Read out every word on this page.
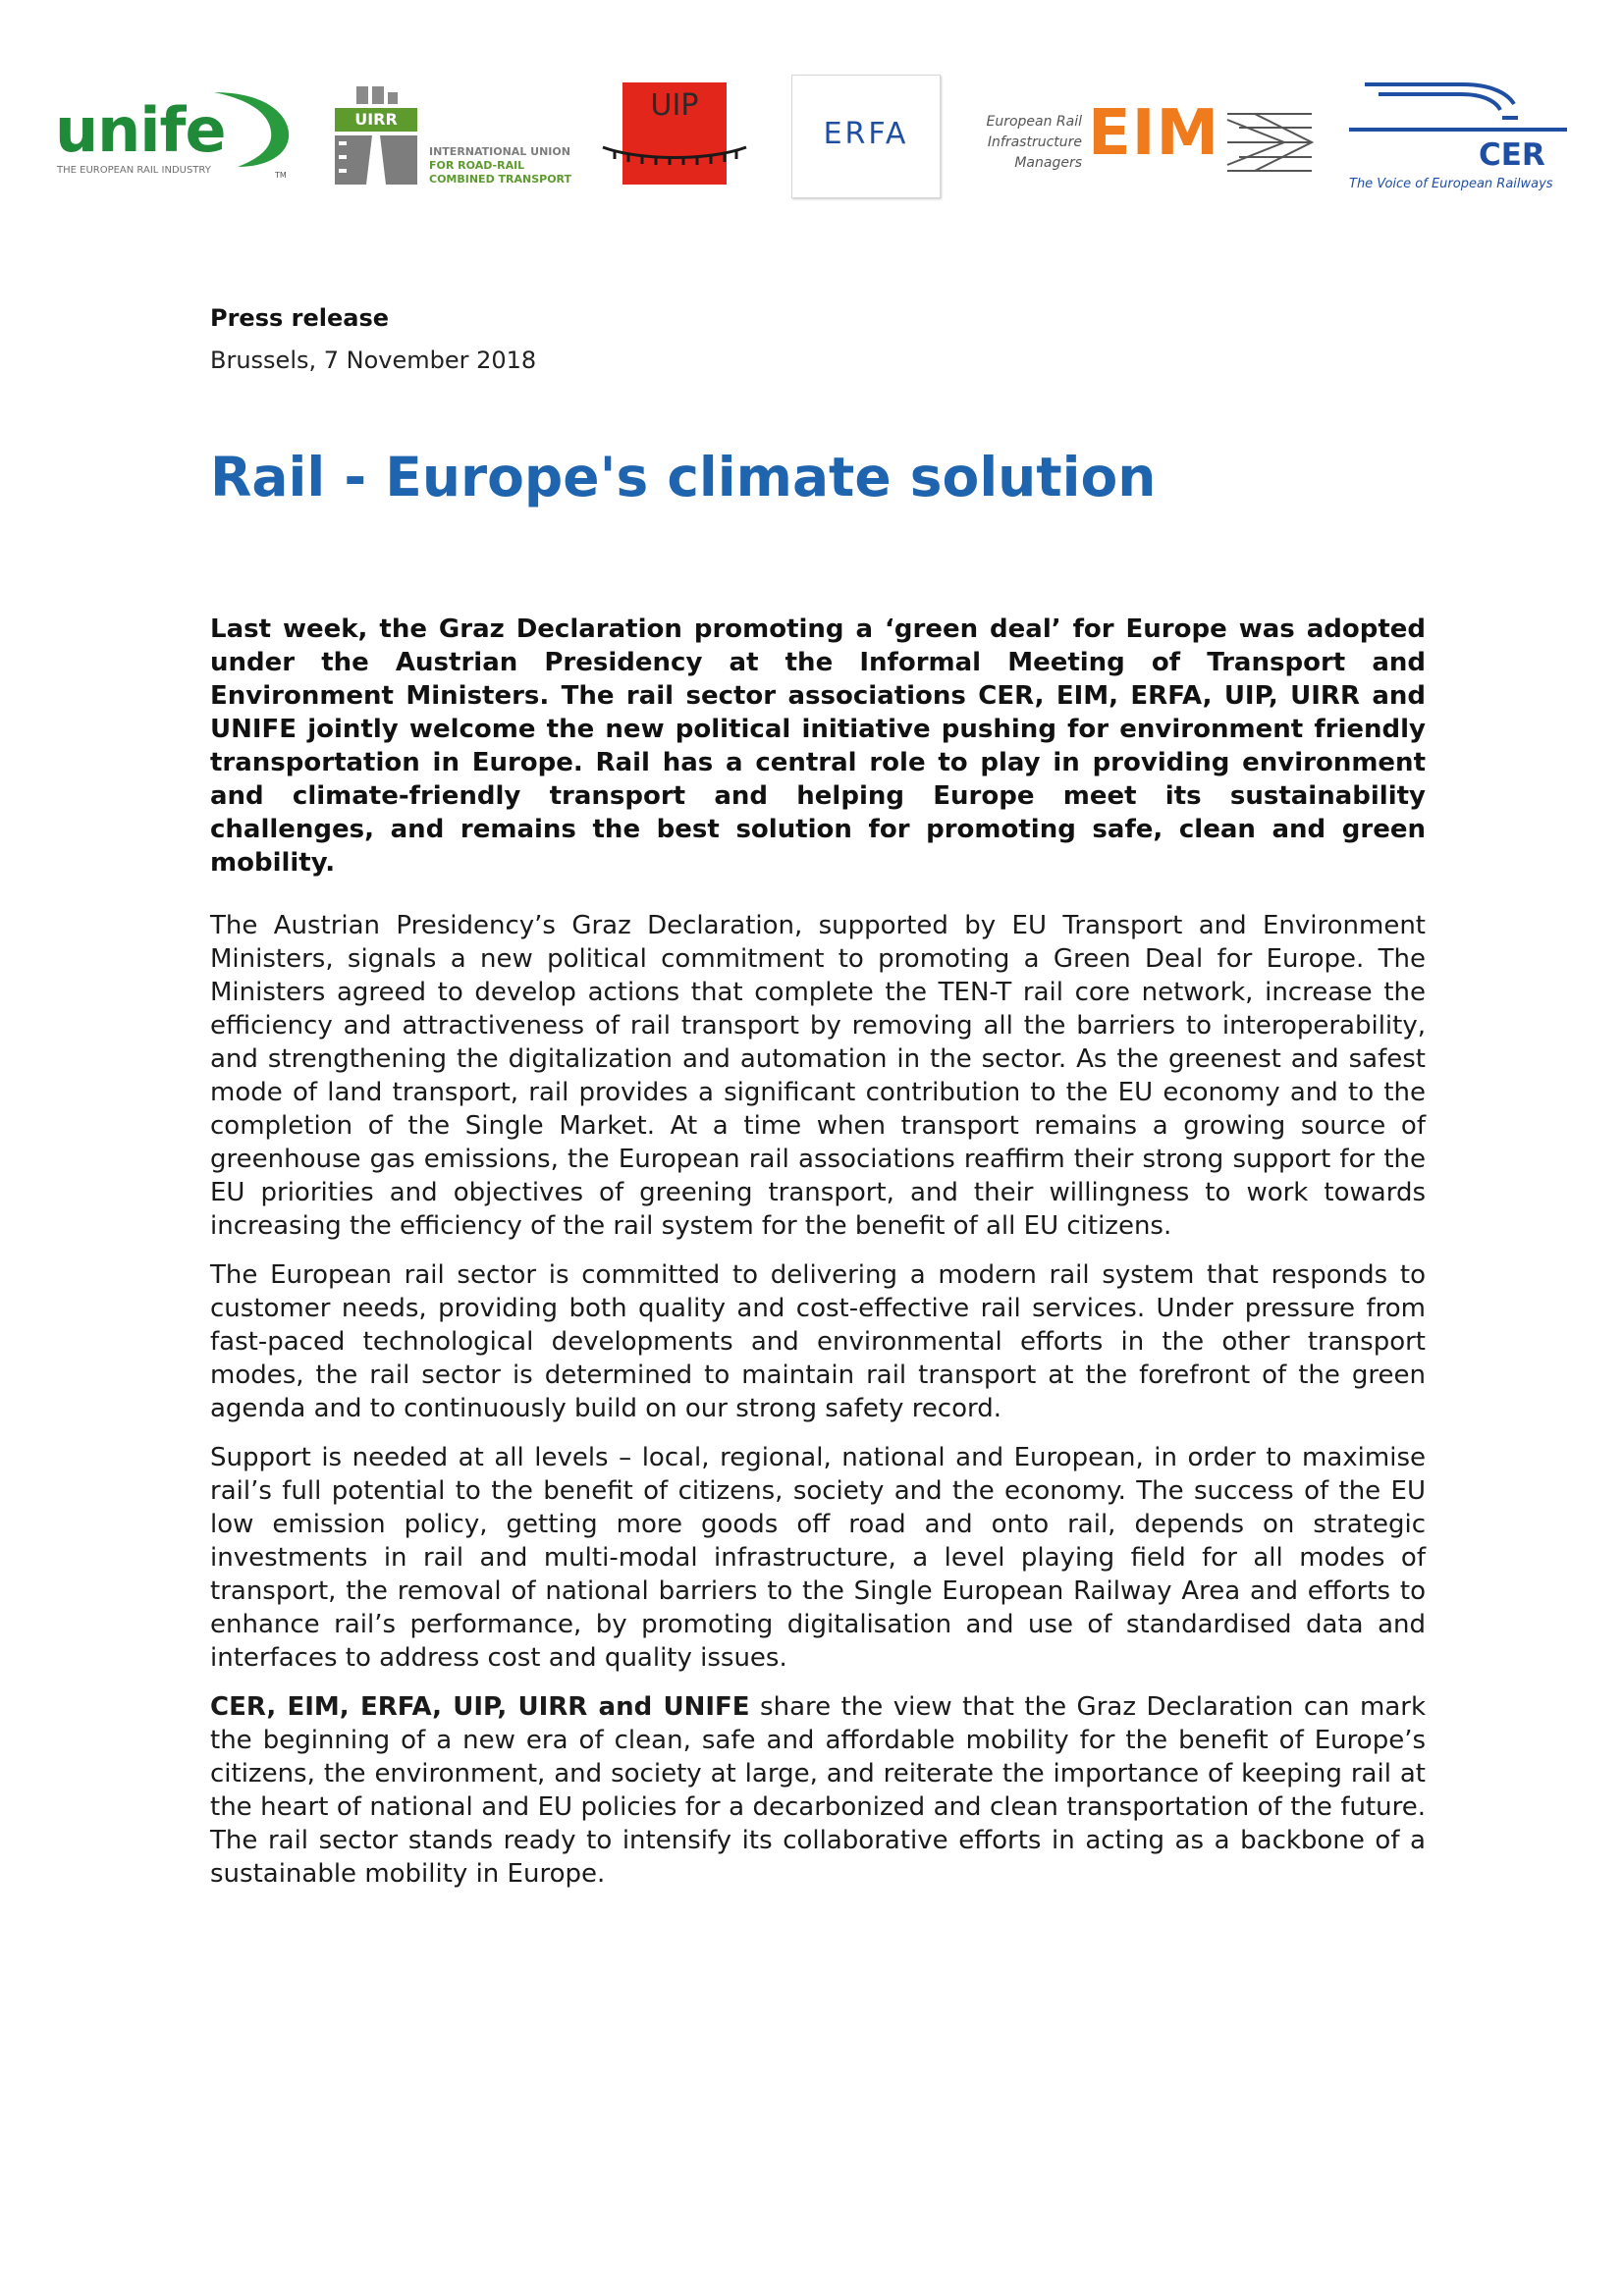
unife
THE EUROPEAN RAIL INDUSTRY	TM
UIRR
INTERNATIONAL UNION
FOR ROAD-RAIL
COMBINED TRANSPORT
UIP
ERFA	European Rail
Infrastructure
Managers EIM	CER
The Voice of European Railways

Press release

Brussels, 7 November 2018

Rail - Europe's climate solution

Last week, the Graz Declaration promoting a ‘green deal’ for Europe was adopted under the Austrian Presidency at the Informal Meeting of Transport and Environment Ministers. The rail sector associations CER, EIM, ERFA, UIP, UIRR and UNIFE jointly welcome the new political initiative pushing for environment friendly transportation in Europe. Rail has a central role to play in providing environment and climate-friendly transport and helping Europe meet its sustainability challenges, and remains the best solution for promoting safe, clean and green mobility.

The Austrian Presidency’s Graz Declaration, supported by EU Transport and Environment Ministers, signals a new political commitment to promoting a Green Deal for Europe. The Ministers agreed to develop actions that complete the TEN-T rail core network, increase the efficiency and attractiveness of rail transport by removing all the barriers to interoperability, and strengthening the digitalization and automation in the sector. As the greenest and safest mode of land transport, rail provides a significant contribution to the EU economy and to the completion of the Single Market. At a time when transport remains a growing source of greenhouse gas emissions, the European rail associations reaffirm their strong support for the EU priorities and objectives of greening transport, and their willingness to work towards increasing the efficiency of the rail system for the benefit of all EU citizens.

The European rail sector is committed to delivering a modern rail system that responds to customer needs, providing both quality and cost-effective rail services. Under pressure from fast-paced technological developments and environmental efforts in the other transport modes, the rail sector is determined to maintain rail transport at the forefront of the green agenda and to continuously build on our strong safety record.

Support is needed at all levels – local, regional, national and European, in order to maximise rail’s full potential to the benefit of citizens, society and the economy. The success of the EU low emission policy, getting more goods off road and onto rail, depends on strategic investments in rail and multi-modal infrastructure, a level playing field for all modes of transport, the removal of national barriers to the Single European Railway Area and efforts to enhance rail’s performance, by promoting digitalisation and use of standardised data and interfaces to address cost and quality issues.

CER, EIM, ERFA, UIP, UIRR and UNIFE share the view that the Graz Declaration can mark the beginning of a new era of clean, safe and affordable mobility for the benefit of Europe’s citizens, the environment, and society at large, and reiterate the importance of keeping rail at the heart of national and EU policies for a decarbonized and clean transportation of the future. The rail sector stands ready to intensify its collaborative efforts in acting as a backbone of a sustainable mobility in Europe.
